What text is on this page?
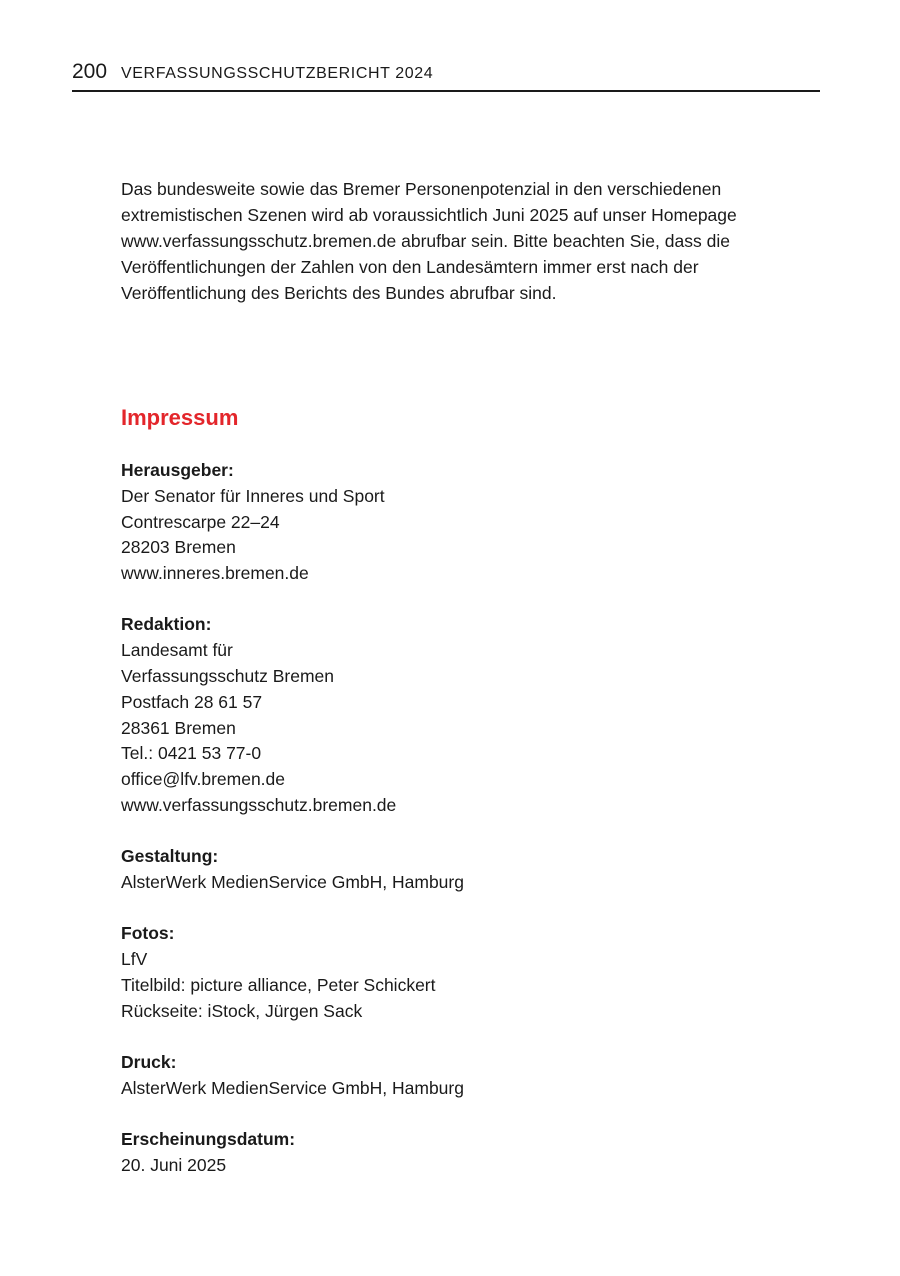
200 VERFASSUNGSSCHUTZBERICHT 2024

Das bundesweite sowie das Bremer Personenpotenzial in den verschiedenen
extremistischen Szenen wird ab voraussichtlich Juni 2025 auf unser Homepage
www.verfassungsschutz.bremen.de abrufbar sein. Bitte beachten Sie, dass die
Veröffentlichungen der Zahlen von den Landesämtern immer erst nach der
Veröffentlichung des Berichts des Bundes abrufbar sind.

Impressum
Herausgeber:
Der Senator für Inneres und Sport
Contrescarpe 22–24
28203 Bremen
www.inneres.bremen.de
Redaktion:
Landesamt für
Verfassungsschutz Bremen
Postfach 28 61 57
28361 Bremen
Tel.: 0421 53 77-0
office@lfv.bremen.de
www.verfassungsschutz.bremen.de
Gestaltung:
AlsterWerk MedienService GmbH, Hamburg
Fotos:
LfV
Titelbild: picture alliance, Peter Schickert
Rückseite: iStock, Jürgen Sack
Druck:
AlsterWerk MedienService GmbH, Hamburg
Erscheinungsdatum:
20. Juni 2025
